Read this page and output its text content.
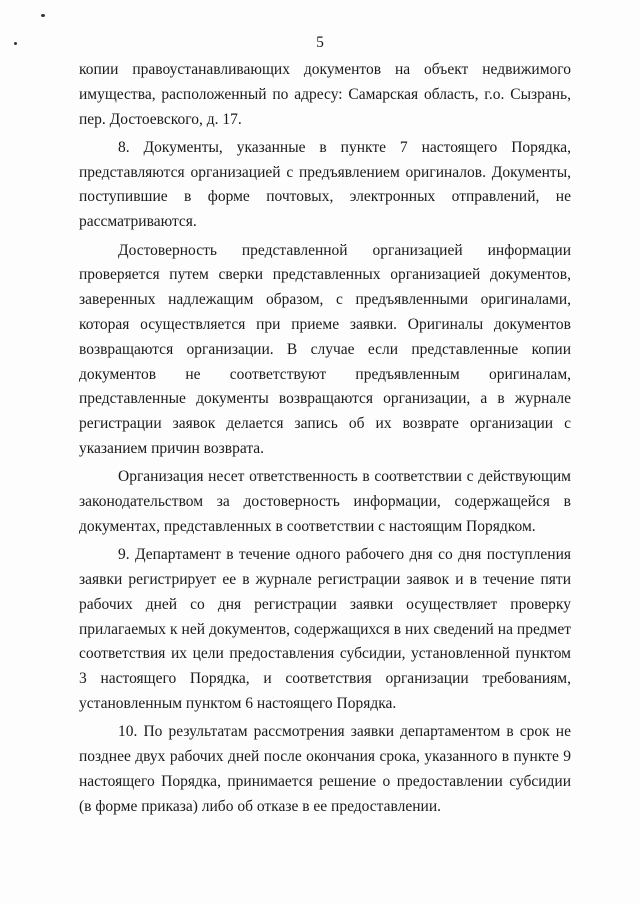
5

копии правоустанавливающих документов на объект недвижимого имущества, расположенный по адресу: Самарская область, г.о. Сызрань, пер. Достоевского, д. 17.

8. Документы, указанные в пункте 7 настоящего Порядка, представляются организацией с предъявлением оригиналов. Документы, поступившие в форме почтовых, электронных отправлений, не рассматриваются.

Достоверность представленной организацией информации проверяется путем сверки представленных организацией документов, заверенных надлежащим образом, с предъявленными оригиналами, которая осуществляется при приеме заявки. Оригиналы документов возвращаются организации. В случае если представленные копии документов не соответствуют предъявленным оригиналам, представленные документы возвращаются организации, а в журнале регистрации заявок делается запись об их возврате организации с указанием причин возврата.

Организация несет ответственность в соответствии с действующим законодательством за достоверность информации, содержащейся в документах, представленных в соответствии с настоящим Порядком.

9. Департамент в течение одного рабочего дня со дня поступления заявки регистрирует ее в журнале регистрации заявок и в течение пяти рабочих дней со дня регистрации заявки осуществляет проверку прилагаемых к ней документов, содержащихся в них сведений на предмет соответствия их цели предоставления субсидии, установленной пунктом 3 настоящего Порядка, и соответствия организации требованиям, установленным пунктом 6 настоящего Порядка.

10. По результатам рассмотрения заявки департаментом в срок не позднее двух рабочих дней после окончания срока, указанного в пункте 9 настоящего Порядка, принимается решение о предоставлении субсидии (в форме приказа) либо об отказе в ее предоставлении.
